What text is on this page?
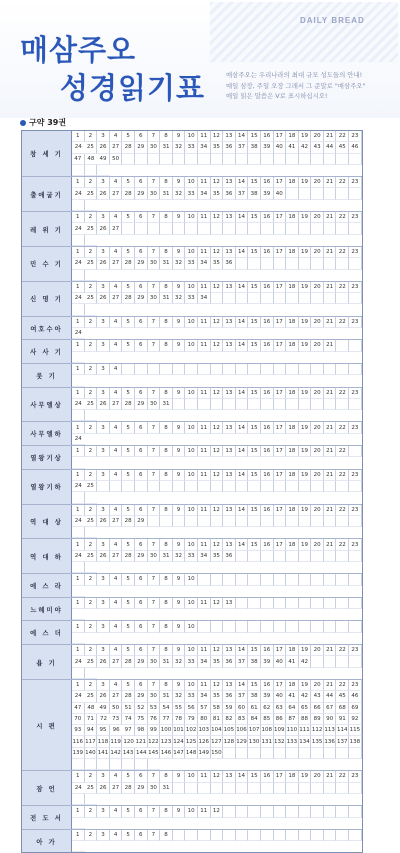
DAILY BREAD
매삼주오
성경읽기표	매삼주오는 우리나라의 최대 규모 성도들의 안내!
매일 삼장, 주일 오장 그래서 그 준말로 "매삼주오"
매일 읽은 말씀은 V로 표시하십시오!
구약 39권
창 세 기
1	2	3	4	5	6	7	8	9	10	11	12	13	14	15	16	17	18	19	20	21	22	23
24 25	26	27	28	29	30	31	32	33	34	35	36	37	38	39	40	41	42	43	44	45	46
47	48 49	50
출애굽기
1	2	3	4	5	6	7	8	9	10	11	12	13	14	15	16	17	18	19	20	21	22	23
24 25	26	27	28	29	30	31	32	33	34	35	36	37	38	39	40
레 위 기
1	2	3	4	5	6	7	8	9	10	11	12	13	14	15	16	17	18	19	20	21	22	23
24 25	26	27
민 수 기
1	2	3	4	5	6	7	8	9	10	11	12	13	14	15	16	17	18	19	20	21	22	23
24 25	26	27	28	29	30	31	32	33	34	35	36
신 명 기
1	2	3	4	5	6	7	8	9	10	11	12	13	14	15	16	17	18	19	20	21	22	23
24 25	26	27	28	29	30	31	32	33	34
여호수아
1	2	3	4	5	6	7	8	9	10	11	12	13	14	15	16	17	18	19	20	21	22	23
24
사 사 기
1	2	3	4	5	6	7	8	9	10	11	12	13	14	15	16	17	18	19	20	21
룻 기
1	2	3	4
사무엘상
1	2	3	4	5	6	7	8	9	10	11	12	13	14	15	16	17	18	19	20	21	22	23
24 25	26	27	28	29	30	31
사무엘하
1	2	3	4	5	6	7	8	9	10	11	12	13	14	15	16	17	18	19	20	21	22	23
24
열왕기상
1	2	3	4	5	6	7	8	9	10	11	12	13	14	15	16	17	18	19	20	21	22
열왕기하
1	2	3	4	5	6	7	8	9	10	11	12	13	14	15	16	17	18	19	20	21	22	23
24 25
역 대 상
1	2	3	4	5	6	7	8	9	10	11	12	13	14	15	16	17	18	19	20	21	22	23
24 25	26	27	28	29
역 대 하
1	2	3	4	5	6	7	8	9	10	11	12	13	14	15	16	17	18	19	20	21	22	23
24 25	26	27	28	29	30	31	32	33	34	35	36
에 스 라
1	2	3	4	5	6	7	8	9	10
느헤미야
1	2	3	4	5	6	7	8	9	10	11	12	13
에 스 더
1	2	3	4	5	6	7	8	9	10
욥 기
1	2	3	4	5	6	7	8	9	10	11	12	13	14	15	16	17	18	19	20	21	22	23
24 25	26	27	28	29	30	31	32	33	34	35	36	37	38	39	40	41	42
시 편
1	2	3	4	5	6	7	8	9	10	11	12	13	14	15	16	17	18	19	20	21	22	23
24 25	26	27	28	29	30	31	32	33	34	35	36	37	38	39	40	41	42	43	44	45	46
47	48 49	50	51	52	53	54	55	56	57	58	59	60	61	62	63	64	65	66	67	68	69
70	71	72 73	74	75	76	77	78	79	80	81	82	83	84	85	86	87	88	89	90	91	92
93	94	95	96 97	98	99 100 101 102 103 104 105 106 107 108 109 110 111 112 113 114 115
116 117 118 119 120 121 122 123 124 125 126 127 128 129 130 131 132 133 134 135 136 137 138
139 140 141 142 143 144 145 146 147 148 149 150
잠 언
1	2	3	4	5	6	7	8	9	10	11	12	13	14	15	16	17	18	19	20	21	22	23
24 25	26	27	28	29	30	31
전 도 서
1	2	3	4	5	6	7	8	9	10	11	12
아 가
1	2	3	4	5	6	7	8
